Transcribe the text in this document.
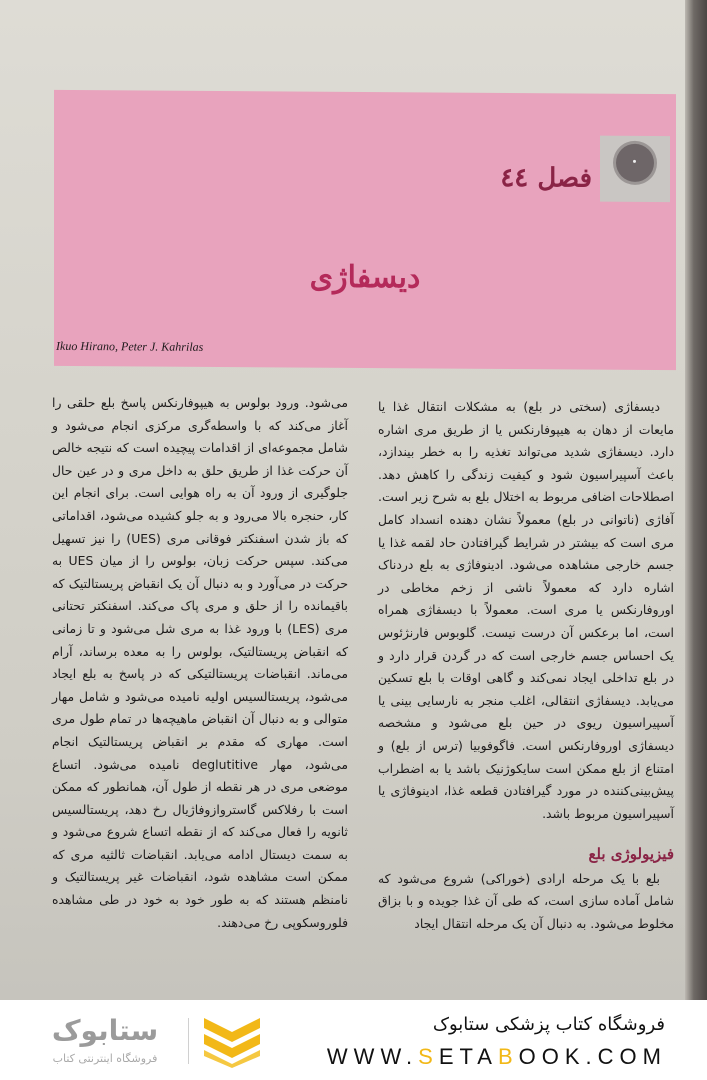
فصل ٤٤
دیسفاژی
Ikuo Hirano, Peter J. Kahrilas

دیسفاژی (سختی در بلع) به مشکلات انتقال غذا یا مایعات از دهان به هیپوفارنکس یا از طریق مری اشاره دارد. دیسفاژی شدید می‌تواند تغذیه را به خطر بیندازد، باعث آسپیراسیون شود و کیفیت زندگی را کاهش دهد. اصطلاحات اضافی مربوط به اختلال بلع به شرح زیر است. آفاژی (ناتوانی در بلع) معمولاً نشان دهنده انسداد کامل مری است که بیشتر در شرایط گیرافتادن حاد لقمه غذا یا جسم خارجی مشاهده می‌شود. ادینوفاژی به بلع دردناک اشاره دارد که معمولاً ناشی از زخم مخاطی در اوروفارنکس یا مری است. معمولاً با دیسفاژی همراه است، اما برعکس آن درست نیست. گلوبوس فارنژئوس یک احساس جسم خارجی است که در گردن قرار دارد و در بلع تداخلی ایجاد نمی‌کند و گاهی اوقات با بلع تسکین می‌یابد. دیسفاژی انتقالی، اغلب منجر به نارسایی بینی یا آسپیراسیون ریوی در حین بلع می‌شود و مشخصه دیسفاژی اوروفارنکس است. فاگوفوبیا (ترس از بلع) و امتناع از بلع ممکن است سایکوژنیک باشد یا به اضطراب پیش‌بینی‌کننده در مورد گیرافتادن قطعه غذا، ادینوفاژی یا آسپیراسیون مربوط باشد.

فیزیولوژی بلع

بلع با یک مرحله ارادی (خوراکی) شروع می‌شود که شامل آماده سازی است، که طی آن غذا جویده و با بزاق مخلوط می‌شود. به دنبال آن یک مرحله انتقال ایجاد

می‌شود. ورود بولوس به هیپوفارنکس پاسخ بلع حلقی را آغاز می‌کند که با واسطه‌گری مرکزی انجام می‌شود و شامل مجموعه‌ای از اقدامات پیچیده است که نتیجه خالص آن حرکت غذا از طریق حلق به داخل مری و در عین حال جلوگیری از ورود آن به راه هوایی است. برای انجام این کار، حنجره بالا می‌رود و به جلو کشیده می‌شود، اقداماتی که باز شدن اسفنکتر فوقانی مری (UES) را نیز تسهیل می‌کند. سپس حرکت زبان، بولوس را از میان UES به حرکت در می‌آورد و به دنبال آن یک انقباض پریستالتیک که باقیمانده را از حلق و مری پاک می‌کند. اسفنکتر تحتانی مری (LES) با ورود غذا به مری شل می‌شود و تا زمانی که انقباض پریستالتیک، بولوس را به معده برساند، آرام می‌ماند. انقباضات پریستالتیکی که در پاسخ به بلع ایجاد می‌شود، پریستالسیس اولیه نامیده می‌شود و شامل مهار متوالی و به دنبال آن انقباض ماهیچه‌ها در تمام طول مری است. مهاری که مقدم بر انقباض پریستالتیک انجام می‌شود، مهار deglutitive نامیده می‌شود. اتساع موضعی مری در هر نقطه از طول آن، همانطور که ممکن است با رفلاکس گاستروازوفاژیال رخ دهد، پریستالسیس ثانویه را فعال می‌کند که از نقطه اتساع شروع می‌شود و به سمت دیستال ادامه می‌یابد. انقباضات ثالثیه مری که ممکن است مشاهده شود، انقباضات غیر پریستالتیک و نامنظم هستند که به طور خود به خود در طی مشاهده فلوروسکوپی رخ می‌دهند.

ستابوک
فروشگاه اینترنتی کتاب
فروشگاه کتاب پزشکی ستابوک
WWW.SETABOOK.COM
